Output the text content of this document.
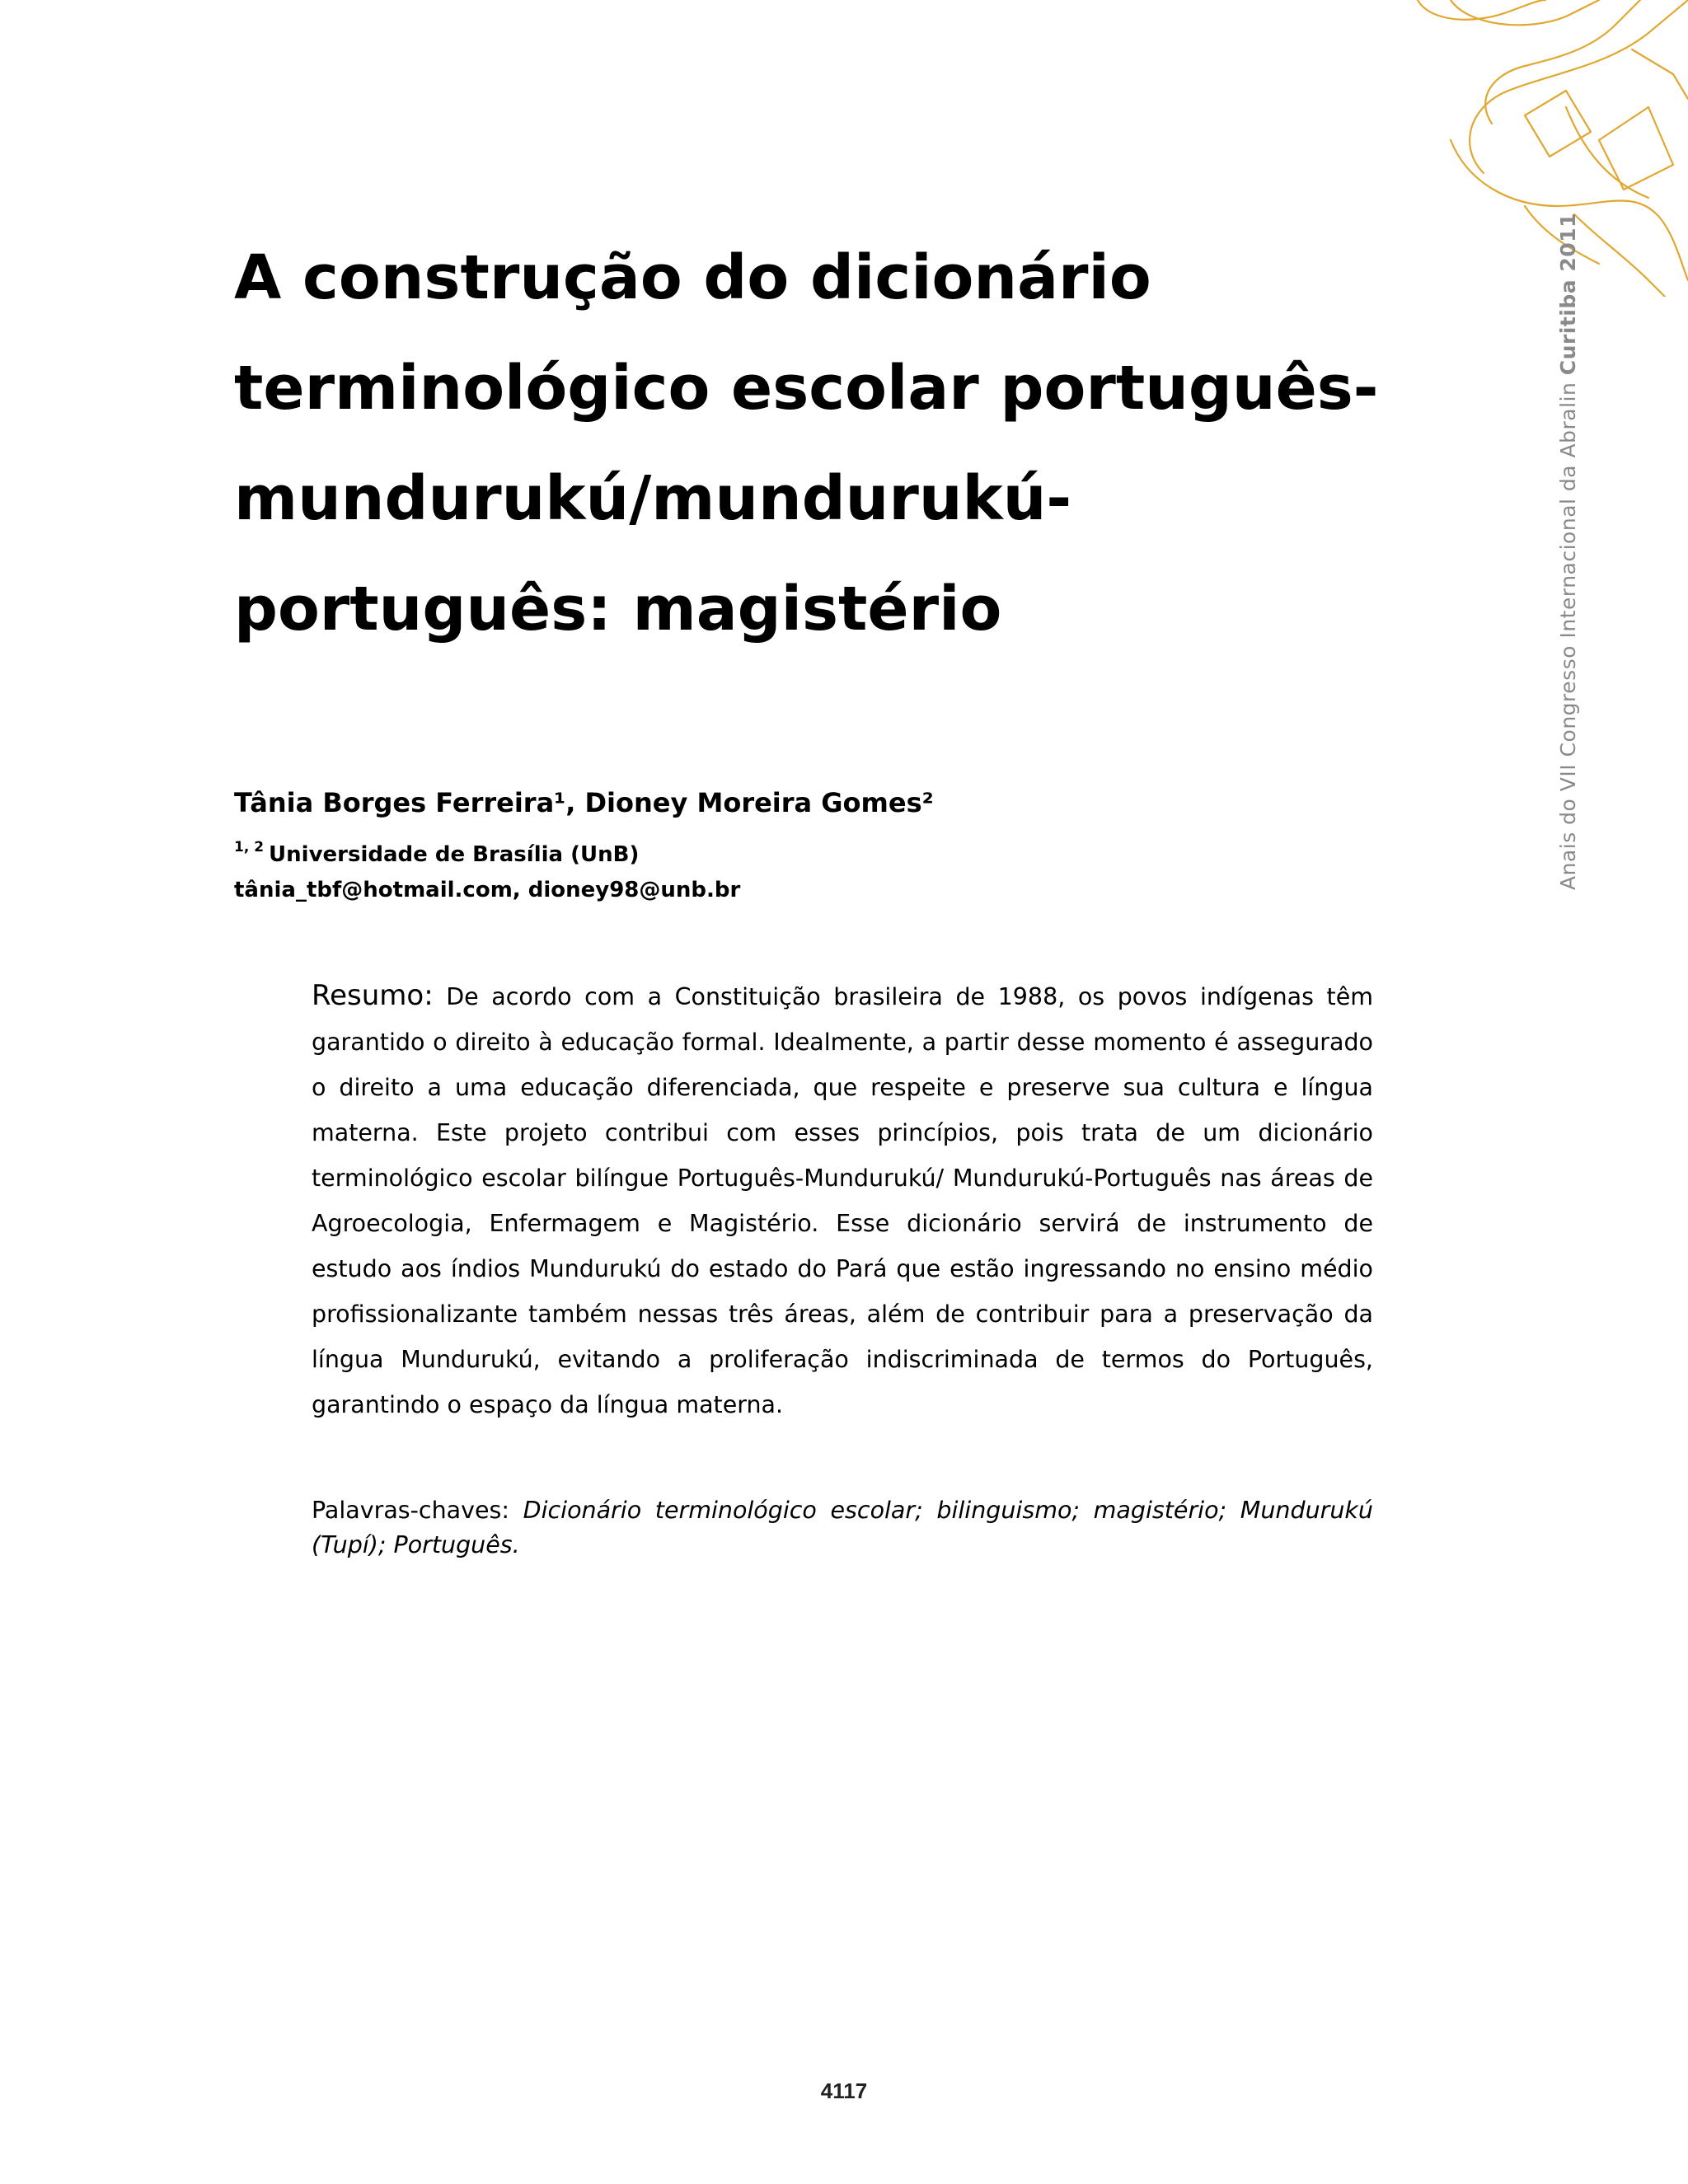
Anais do VII Congresso Internacional da Abralin Curitiba 2011
A construção do dicionário terminológico escolar português-mundurukú/mundurukú-português: magistério
Tânia Borges Ferreira¹, Dioney Moreira Gomes²
$^{1, 2}$ Universidade de Brasília (UnB)
tânia_tbf@hotmail.com, dioney98@unb.br

Resumo: De acordo com a Constituição brasileira de 1988, os povos indígenas têm garantido o direito à educação formal. Idealmente, a partir desse momento é assegurado o direito a uma educação diferenciada, que respeite e preserve sua cultura e língua materna. Este projeto contribui com esses princípios, pois trata de um dicionário terminológico escolar bilíngue Português-Mundurukú/ Mundurukú-Português nas áreas de Agroecologia, Enfermagem e Magistério. Esse dicionário servirá de instrumento de estudo aos índios Mundurukú do estado do Pará que estão ingressando no ensino médio profissionalizante também nessas três áreas, além de contribuir para a preservação da língua Mundurukú, evitando a proliferação indiscriminada de termos do Português, garantindo o espaço da língua materna.

Palavras-chaves: Dicionário terminológico escolar; bilinguismo; magistério; Mundurukú (Tupí); Português.

4117
